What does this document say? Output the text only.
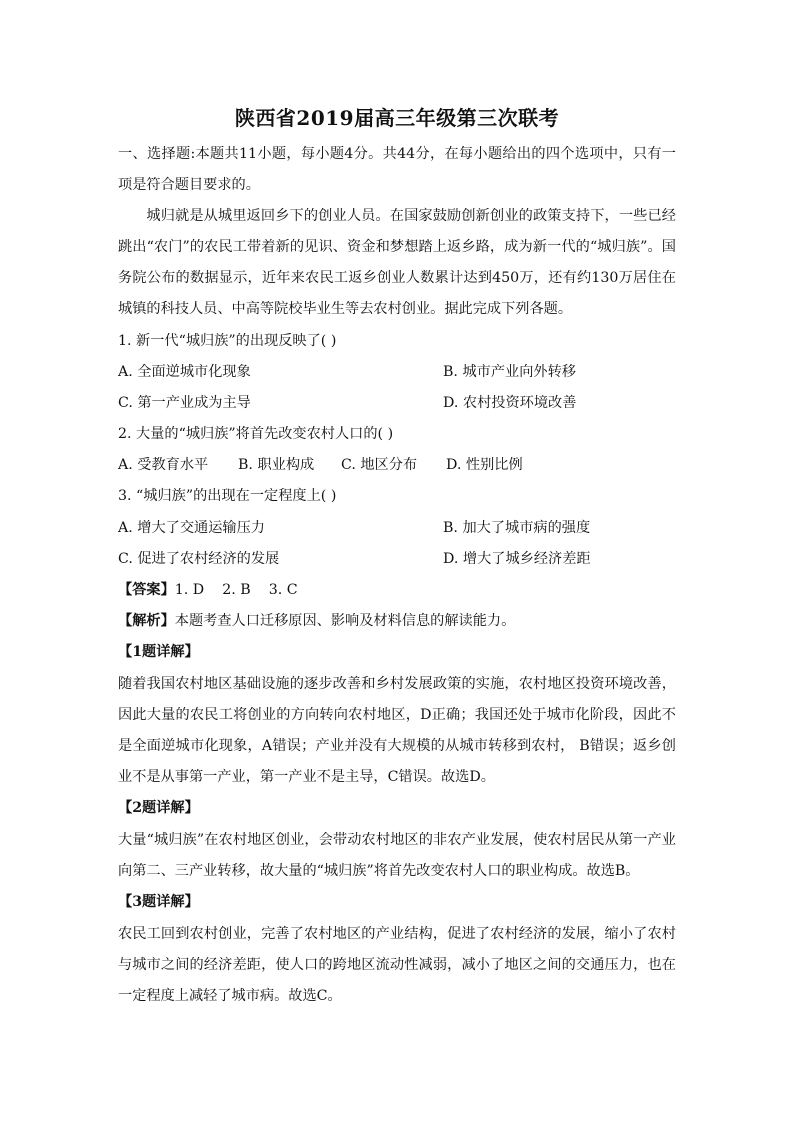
陕西省2019届高三年级第三次联考

一、选择题:本题共11小题，每小题4分。共44分，在每小题给出的四个选项中，只有一项是符合题目要求的。

城归就是从城里返回乡下的创业人员。在国家鼓励创新创业的政策支持下，一些已经跳出“农门”的农民工带着新的见识、资金和梦想踏上返乡路，成为新一代的“城归族”。国务院公布的数据显示，近年来农民工返乡创业人数累计达到450万，还有约130万居住在城镇的科技人员、中高等院校毕业生等去农村创业。据此完成下列各题。

1. 新一代“城归族”的出现反映了( )
A. 全面逆城市化现象	B. 城市产业向外转移
C. 第一产业成为主导	D. 农村投资环境改善
2. 大量的“城归族”将首先改变农村人口的( )
A. 受教育水平 B. 职业构成 C. 地区分布 D. 性别比例
3. “城归族”的出现在一定程度上( )
A. 增大了交通运输压力	B. 加大了城市病的强度
C. 促进了农村经济的发展	D. 增大了城乡经济差距
【答案】1. D    2. B    3. C
【解析】本题考查人口迁移原因、影响及材料信息的解读能力。
【1题详解】

随着我国农村地区基础设施的逐步改善和乡村发展政策的实施，农村地区投资环境改善，因此大量的农民工将创业的方向转向农村地区，D正确；我国还处于城市化阶段，因此不是全面逆城市化现象，A错误；产业并没有大规模的从城市转移到农村， B错误；返乡创业不是从事第一产业，第一产业不是主导，C错误。故选D。

【2题详解】

大量“城归族”在农村地区创业，会带动农村地区的非农产业发展，使农村居民从第一产业向第二、三产业转移，故大量的“城归族”将首先改变农村人口的职业构成。故选B。

【3题详解】

农民工回到农村创业，完善了农村地区的产业结构，促进了农村经济的发展，缩小了农村与城市之间的经济差距，使人口的跨地区流动性减弱，减小了地区之间的交通压力，也在一定程度上减轻了城市病。故选C。
